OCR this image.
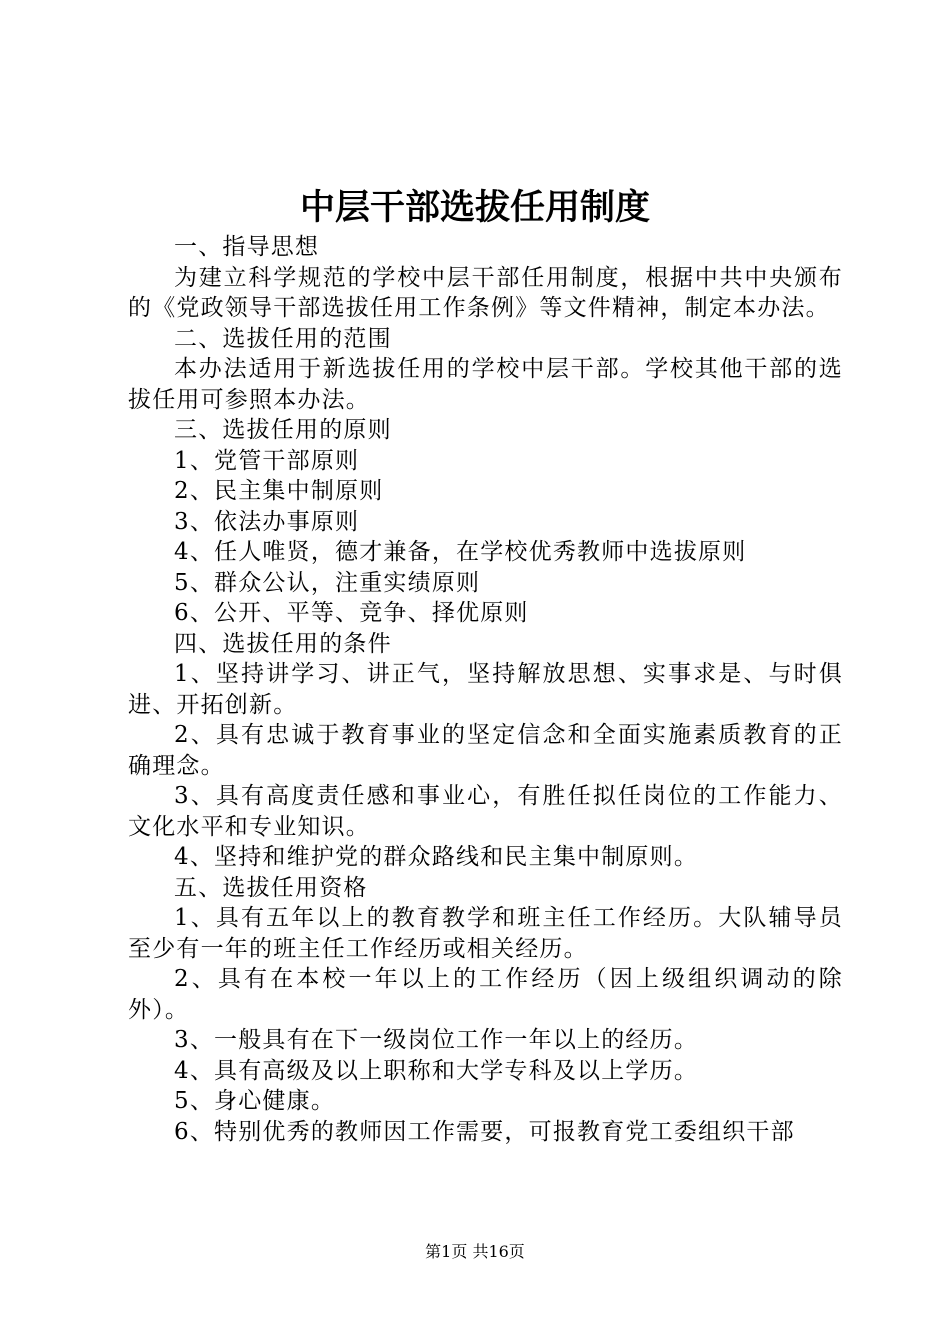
中层干部选拔任用制度

一、指导思想

为建立科学规范的学校中层干部任用制度，根据中共中央颁布的《党政领导干部选拔任用工作条例》等文件精神，制定本办法。

二、选拔任用的范围

本办法适用于新选拔任用的学校中层干部。学校其他干部的选拔任用可参照本办法。

三、选拔任用的原则

1、党管干部原则

2、民主集中制原则

3、依法办事原则

4、任人唯贤，德才兼备，在学校优秀教师中选拔原则

5、群众公认，注重实绩原则

6、公开、平等、竞争、择优原则

四、选拔任用的条件

1、坚持讲学习、讲正气，坚持解放思想、实事求是、与时俱进、开拓创新。

2、具有忠诚于教育事业的坚定信念和全面实施素质教育的正确理念。

3、具有高度责任感和事业心，有胜任拟任岗位的工作能力、文化水平和专业知识。

4、坚持和维护党的群众路线和民主集中制原则。

五、选拔任用资格

1、具有五年以上的教育教学和班主任工作经历。大队辅导员至少有一年的班主任工作经历或相关经历。

2、具有在本校一年以上的工作经历（因上级组织调动的除外）。

3、一般具有在下一级岗位工作一年以上的经历。

4、具有高级及以上职称和大学专科及以上学历。

5、身心健康。

6、特别优秀的教师因工作需要，可报教育党工委组织干部

第1页 共16页
